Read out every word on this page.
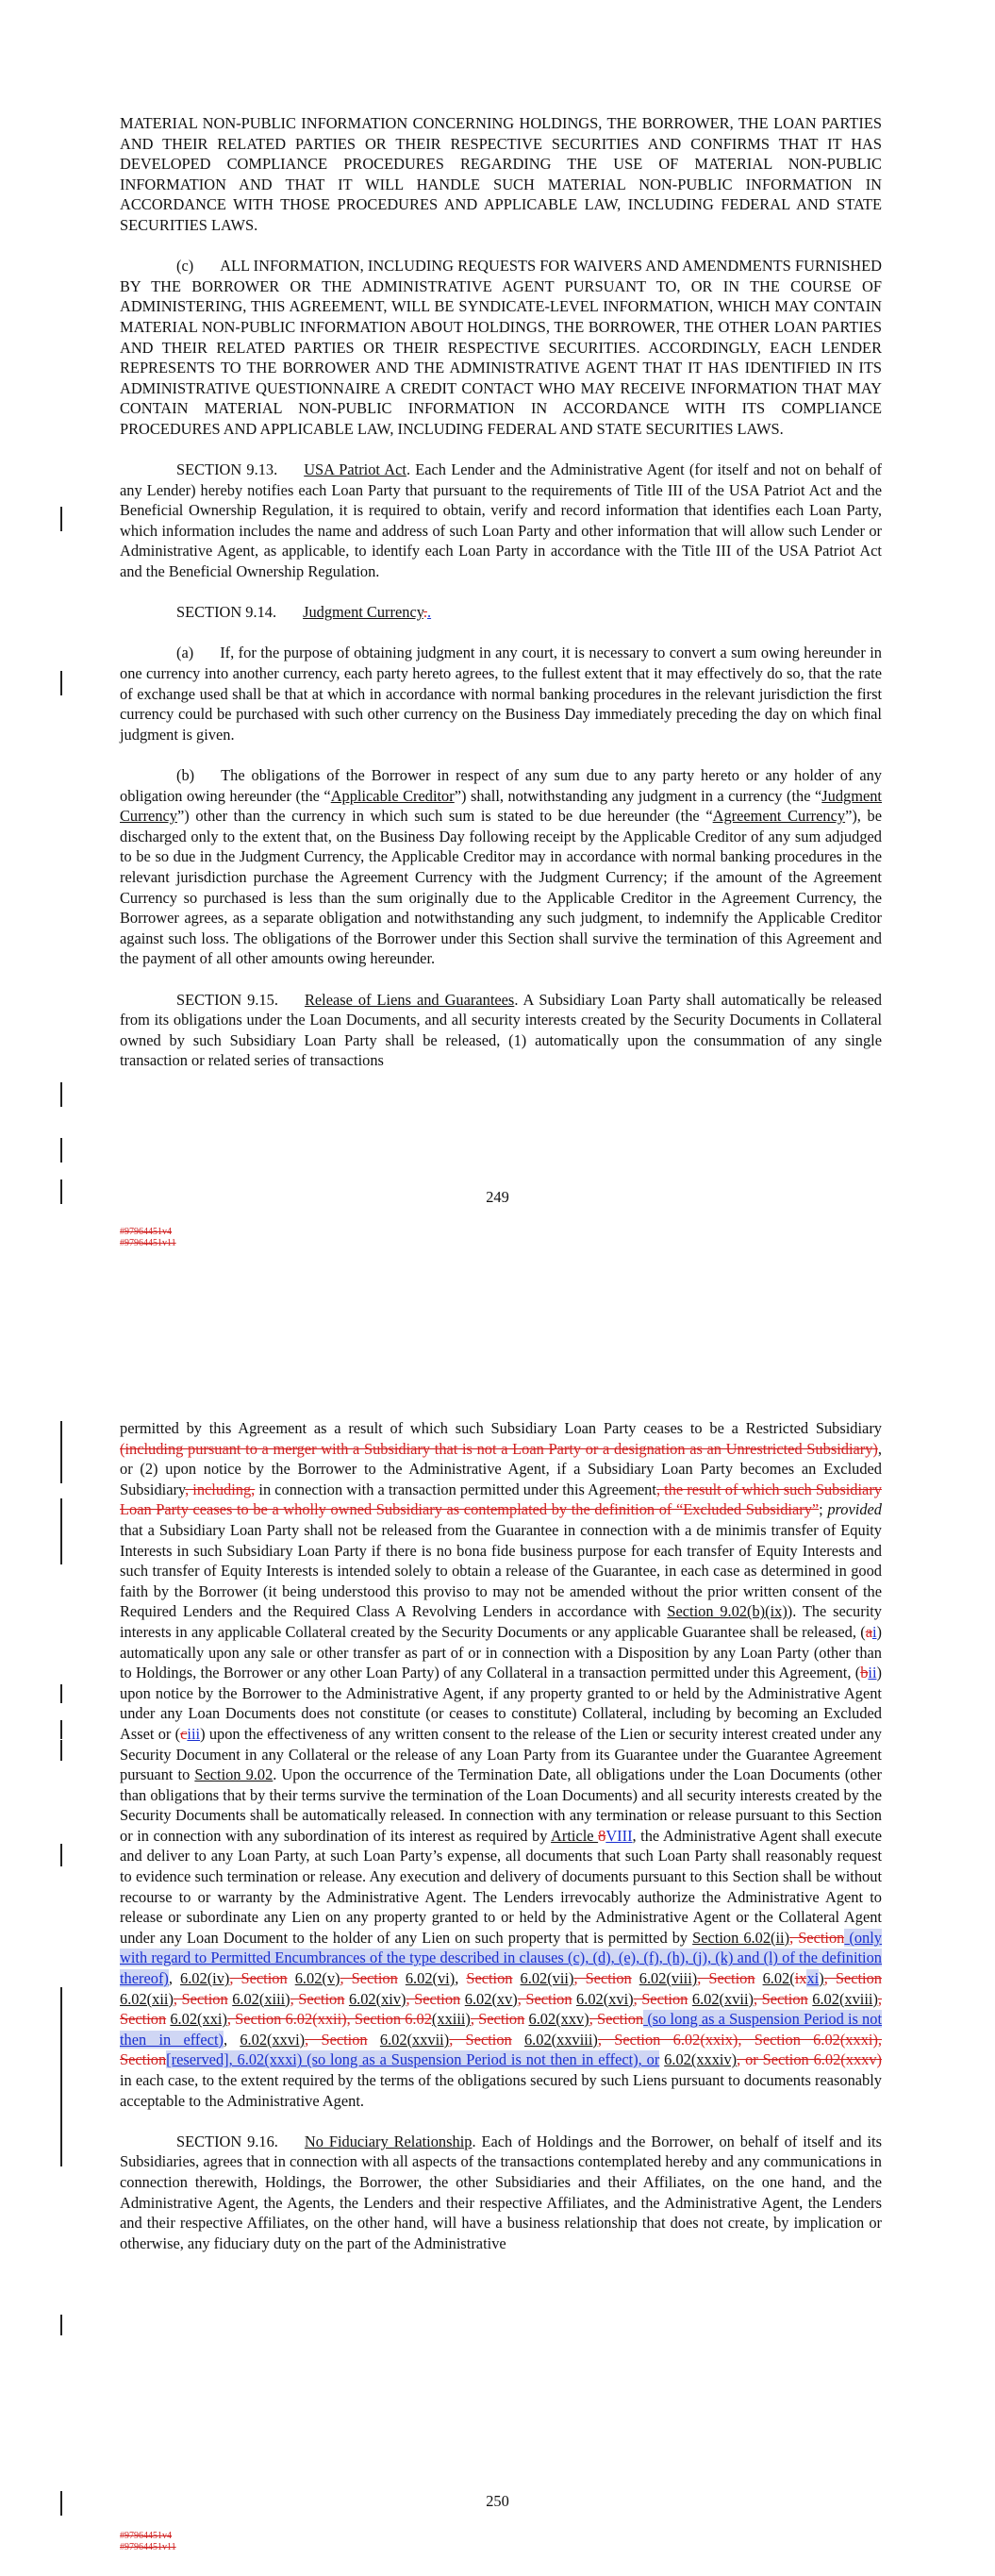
MATERIAL NON-PUBLIC INFORMATION CONCERNING HOLDINGS, THE BORROWER, THE LOAN PARTIES AND THEIR RELATED PARTIES OR THEIR RESPECTIVE SECURITIES AND CONFIRMS THAT IT HAS DEVELOPED COMPLIANCE PROCEDURES REGARDING THE USE OF MATERIAL NON-PUBLIC INFORMATION AND THAT IT WILL HANDLE SUCH MATERIAL NON-PUBLIC INFORMATION IN ACCORDANCE WITH THOSE PROCEDURES AND APPLICABLE LAW, INCLUDING FEDERAL AND STATE SECURITIES LAWS.

(c) ALL INFORMATION, INCLUDING REQUESTS FOR WAIVERS AND AMENDMENTS FURNISHED BY THE BORROWER OR THE ADMINISTRATIVE AGENT PURSUANT TO, OR IN THE COURSE OF ADMINISTERING, THIS AGREEMENT, WILL BE SYNDICATE-LEVEL INFORMATION, WHICH MAY CONTAIN MATERIAL NON-PUBLIC INFORMATION ABOUT HOLDINGS, THE BORROWER, THE OTHER LOAN PARTIES AND THEIR RELATED PARTIES OR THEIR RESPECTIVE SECURITIES. ACCORDINGLY, EACH LENDER REPRESENTS TO THE BORROWER AND THE ADMINISTRATIVE AGENT THAT IT HAS IDENTIFIED IN ITS ADMINISTRATIVE QUESTIONNAIRE A CREDIT CONTACT WHO MAY RECEIVE INFORMATION THAT MAY CONTAIN MATERIAL NON-PUBLIC INFORMATION IN ACCORDANCE WITH ITS COMPLIANCE PROCEDURES AND APPLICABLE LAW, INCLUDING FEDERAL AND STATE SECURITIES LAWS.

SECTION 9.13. USA Patriot Act. Each Lender and the Administrative Agent (for itself and not on behalf of any Lender) hereby notifies each Loan Party that pursuant to the requirements of Title III of the USA Patriot Act and the Beneficial Ownership Regulation, it is required to obtain, verify and record information that identifies each Loan Party, which information includes the name and address of such Loan Party and other information that will allow such Lender or Administrative Agent, as applicable, to identify each Loan Party in accordance with the Title III of the USA Patriot Act and the Beneficial Ownership Regulation.

SECTION 9.14. Judgment Currency..

(a) If, for the purpose of obtaining judgment in any court, it is necessary to convert a sum owing hereunder in one currency into another currency, each party hereto agrees, to the fullest extent that it may effectively do so, that the rate of exchange used shall be that at which in accordance with normal banking procedures in the relevant jurisdiction the first currency could be purchased with such other currency on the Business Day immediately preceding the day on which final judgment is given.

(b) The obligations of the Borrower in respect of any sum due to any party hereto or any holder of any obligation owing hereunder (the “Applicable Creditor”) shall, notwithstanding any judgment in a currency (the “Judgment Currency”) other than the currency in which such sum is stated to be due hereunder (the “Agreement Currency”), be discharged only to the extent that, on the Business Day following receipt by the Applicable Creditor of any sum adjudged to be so due in the Judgment Currency, the Applicable Creditor may in accordance with normal banking procedures in the relevant jurisdiction purchase the Agreement Currency with the Judgment Currency; if the amount of the Agreement Currency so purchased is less than the sum originally due to the Applicable Creditor in the Agreement Currency, the Borrower agrees, as a separate obligation and notwithstanding any such judgment, to indemnify the Applicable Creditor against such loss. The obligations of the Borrower under this Section shall survive the termination of this Agreement and the payment of all other amounts owing hereunder.

SECTION 9.15. Release of Liens and Guarantees. A Subsidiary Loan Party shall automatically be released from its obligations under the Loan Documents, and all security interests created by the Security Documents in Collateral owned by such Subsidiary Loan Party shall be released, (1) automatically upon the consummation of any single transaction or related series of transactions

249
#97964451v4
#97964451v11

permitted by this Agreement as a result of which such Subsidiary Loan Party ceases to be a Restricted Subsidiary (including pursuant to a merger with a Subsidiary that is not a Loan Party or a designation as an Unrestricted Subsidiary), or (2) upon notice by the Borrower to the Administrative Agent, if a Subsidiary Loan Party becomes an Excluded Subsidiary, including, in connection with a transaction permitted under this Agreement, the result of which such Subsidiary Loan Party ceases to be a wholly owned Subsidiary as contemplated by the definition of “Excluded Subsidiary”; provided that a Subsidiary Loan Party shall not be released from the Guarantee in connection with a de minimis transfer of Equity Interests in such Subsidiary Loan Party if there is no bona fide business purpose for each transfer of Equity Interests and such transfer of Equity Interests is intended solely to obtain a release of the Guarantee, in each case as determined in good faith by the Borrower (it being understood this proviso to may not be amended without the prior written consent of the Required Lenders and the Required Class A Revolving Lenders in accordance with Section 9.02(b)(ix)). The security interests in any applicable Collateral created by the Security Documents or any applicable Guarantee shall be released, (ai) automatically upon any sale or other transfer as part of or in connection with a Disposition by any Loan Party (other than to Holdings, the Borrower or any other Loan Party) of any Collateral in a transaction permitted under this Agreement, (bii) upon notice by the Borrower to the Administrative Agent, if any property granted to or held by the Administrative Agent under any Loan Documents does not constitute (or ceases to constitute) Collateral, including by becoming an Excluded Asset or (ciii) upon the effectiveness of any written consent to the release of the Lien or security interest created under any Security Document in any Collateral or the release of any Loan Party from its Guarantee under the Guarantee Agreement pursuant to Section 9.02. Upon the occurrence of the Termination Date, all obligations under the Loan Documents (other than obligations that by their terms survive the termination of the Loan Documents) and all security interests created by the Security Documents shall be automatically released. In connection with any termination or release pursuant to this Section or in connection with any subordination of its interest as required by Article 8VIII, the Administrative Agent shall execute and deliver to any Loan Party, at such Loan Party’s expense, all documents that such Loan Party shall reasonably request to evidence such termination or release. Any execution and delivery of documents pursuant to this Section shall be without recourse to or warranty by the Administrative Agent. The Lenders irrevocably authorize the Administrative Agent to release or subordinate any Lien on any property granted to or held by the Administrative Agent or the Collateral Agent under any Loan Document to the holder of any Lien on such property that is permitted by Section 6.02(ii), Section (only with regard to Permitted Encumbrances of the type described in clauses (c), (d), (e), (f), (h), (j), (k) and (l) of the definition thereof), 6.02(iv), Section 6.02(v), Section 6.02(vi), Section 6.02(vii), Section 6.02(viii), Section 6.02(ixxi), Section 6.02(xii), Section 6.02(xiii), Section 6.02(xiv), Section 6.02(xv), Section 6.02(xvi), Section 6.02(xvii), Section 6.02(xviii), Section 6.02(xxi), Section 6.02(xxii), Section 6.02(xxiii), Section 6.02(xxv), Section (so long as a Suspension Period is not then in effect), 6.02(xxvi), Section 6.02(xxvii), Section 6.02(xxviii), Section 6.02(xxix), Section 6.02(xxxi), Section[reserved], 6.02(xxxi) (so long as a Suspension Period is not then in effect), or 6.02(xxxiv), or Section 6.02(xxxv) in each case, to the extent required by the terms of the obligations secured by such Liens pursuant to documents reasonably acceptable to the Administrative Agent.

SECTION 9.16. No Fiduciary Relationship. Each of Holdings and the Borrower, on behalf of itself and its Subsidiaries, agrees that in connection with all aspects of the transactions contemplated hereby and any communications in connection therewith, Holdings, the Borrower, the other Subsidiaries and their Affiliates, on the one hand, and the Administrative Agent, the Agents, the Lenders and their respective Affiliates, and the Administrative Agent, the Lenders and their respective Affiliates, on the other hand, will have a business relationship that does not create, by implication or otherwise, any fiduciary duty on the part of the Administrative

250
#97964451v4
#97964451v11
